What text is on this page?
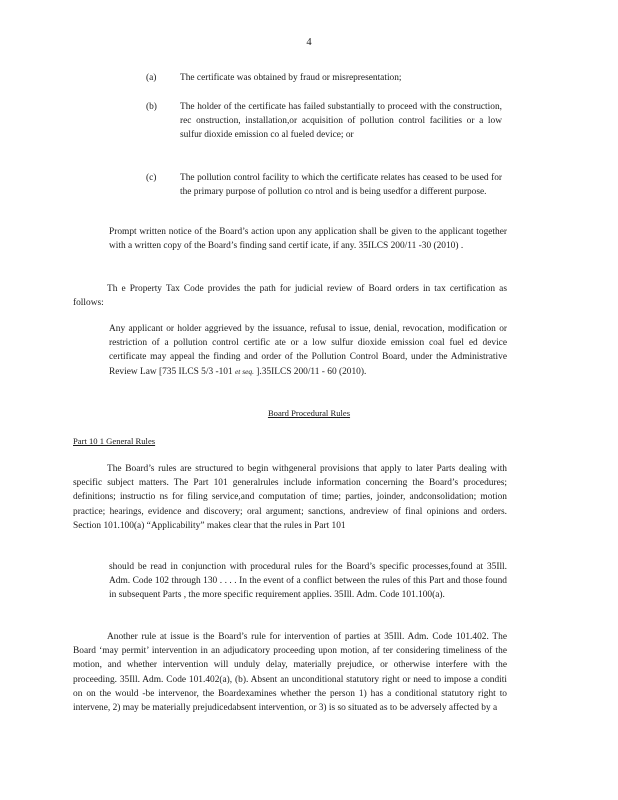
4
(a)	The certificate was obtained by fraud or misrepresentation;
(b) The holder of the certificate has failed substantially to proceed with the construction, rec onstruction, installation,or acquisition of pollution control facilities or a low sulfur dioxide emission co al fueled device; or
(c)	The pollution control facility to which the certificate relates has ceased to be used for the primary purpose of pollution co ntrol and is being usedfor a different purpose.
Prompt written notice of the Board’s action upon any application shall be given to the applicant together with a written copy of the Board’s finding sand certif icate, if any. 35ILCS 200/11 -30 (2010) .
Th e Property Tax Code provides the path for judicial review of Board orders in tax certification as follows:
Any applicant or holder aggrieved by the issuance, refusal to issue, denial, revocation, modification or restriction of a pollution control certific ate or a low sulfur dioxide emission coal fuel ed device certificate may appeal the finding and order of the Pollution Control Board, under the Administrative Review Law [735 ILCS 5/3 -101 et seq. ].35ILCS 200/11 - 60 (2010).
Board Procedural Rules
Part 10 1 General Rules
The Board’s rules are structured to begin withgeneral provisions that apply to later Parts dealing with specific subject matters. The Part 101 generalrules include information concerning the Board’s procedures; definitions; instructio ns for filing service,and computation of time; parties, joinder, andconsolidation; motion practice; hearings, evidence and discovery; oral argument; sanctions, andreview of final opinions and orders. Section 101.100(a) “Applicability” makes clear that the rules in Part 101
should be read in conjunction with procedural rules for the Board’s specific processes,found at 35Ill. Adm. Code 102 through 130 . . . . In the event of a conflict between the rules of this Part and those found in subsequent Parts , the more specific requirement applies. 35Ill. Adm. Code 101.100(a).
Another rule at issue is the Board’s rule for intervention of parties at 35Ill. Adm. Code 101.402. The Board ‘may permit’ intervention in an adjudicatory proceeding upon motion, af ter considering timeliness of the motion, and whether intervention will unduly delay, materially prejudice, or otherwise interfere with the proceeding. 35Ill. Adm. Code 101.402(a), (b). Absent an unconditional statutory right or need to impose a conditi on on the would -be intervenor, the Boardexamines whether the person 1) has a conditional statutory right to intervene, 2) may be materially prejudicedabsent intervention, or 3) is so situated as to be adversely affected by a
